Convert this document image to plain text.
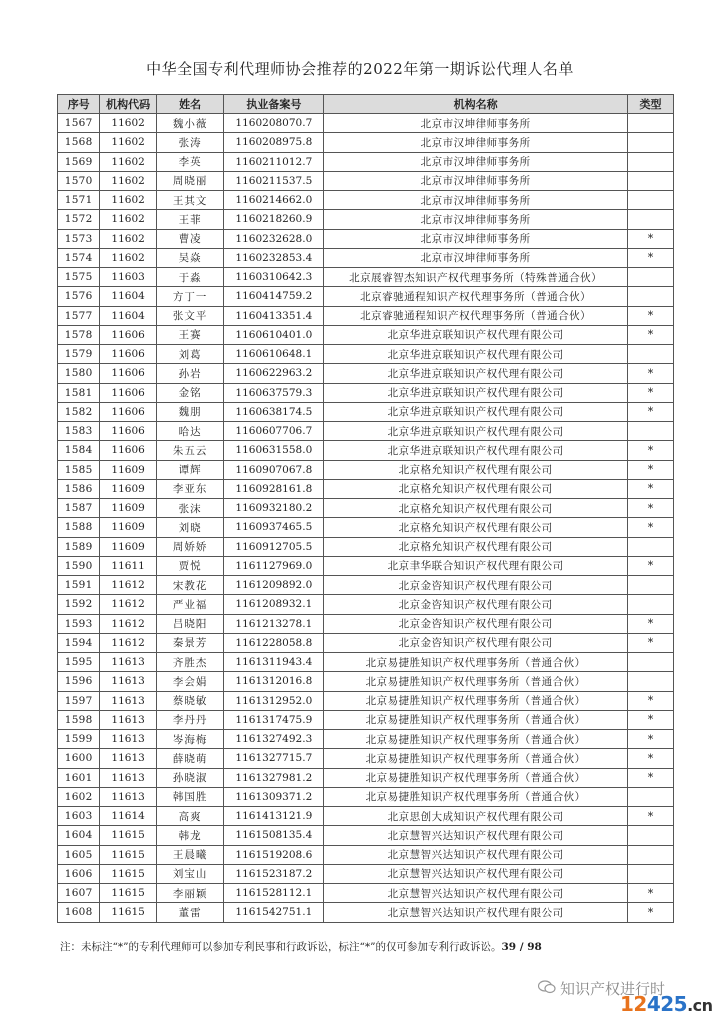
中华全国专利代理师协会推荐的2022年第一期诉讼代理人名单
序号	机构代码	姓名	执业备案号	机构名称	类型
1567	11602	魏小薇	1160208070.7	北京市汉坤律师事务所	
1568	11602	张涛	1160208975.8	北京市汉坤律师事务所	
1569	11602	李英	1160211012.7	北京市汉坤律师事务所	
1570	11602	周晓丽	1160211537.5	北京市汉坤律师事务所	
1571	11602	王其文	1160214662.0	北京市汉坤律师事务所	
1572	11602	王菲	1160218260.9	北京市汉坤律师事务所	
1573	11602	曹凌	1160232628.0	北京市汉坤律师事务所	*
1574	11602	吴焱	1160232853.4	北京市汉坤律师事务所	*
1575	11603	于淼	1160310642.3	北京展睿智杰知识产权代理事务所（特殊普通合伙）	
1576	11604	方丁一	1160414759.2	北京睿驰通程知识产权代理事务所（普通合伙）	
1577	11604	张文平	1160413351.4	北京睿驰通程知识产权代理事务所（普通合伙）	*
1578	11606	王赛	1160610401.0	北京华进京联知识产权代理有限公司	*
1579	11606	刘葛	1160610648.1	北京华进京联知识产权代理有限公司	
1580	11606	孙岩	1160622963.2	北京华进京联知识产权代理有限公司	*
1581	11606	金铭	1160637579.3	北京华进京联知识产权代理有限公司	*
1582	11606	魏朋	1160638174.5	北京华进京联知识产权代理有限公司	*
1583	11606	哈达	1160607706.7	北京华进京联知识产权代理有限公司	
1584	11606	朱五云	1160631558.0	北京华进京联知识产权代理有限公司	*
1585	11609	谭辉	1160907067.8	北京格允知识产权代理有限公司	*
1586	11609	李亚东	1160928161.8	北京格允知识产权代理有限公司	*
1587	11609	张沫	1160932180.2	北京格允知识产权代理有限公司	*
1588	11609	刘晓	1160937465.5	北京格允知识产权代理有限公司	*
1589	11609	周娇娇	1160912705.5	北京格允知识产权代理有限公司	
1590	11611	贾悦	1161127969.0	北京聿华联合知识产权代理有限公司	*
1591	11612	宋教花	1161209892.0	北京金咨知识产权代理有限公司	
1592	11612	严业福	1161208932.1	北京金咨知识产权代理有限公司	
1593	11612	吕晓阳	1161213278.1	北京金咨知识产权代理有限公司	*
1594	11612	秦景芳	1161228058.8	北京金咨知识产权代理有限公司	*
1595	11613	齐胜杰	1161311943.4	北京易捷胜知识产权代理事务所（普通合伙）	
1596	11613	李会娟	1161312016.8	北京易捷胜知识产权代理事务所（普通合伙）	
1597	11613	蔡晓敏	1161312952.0	北京易捷胜知识产权代理事务所（普通合伙）	*
1598	11613	李丹丹	1161317475.9	北京易捷胜知识产权代理事务所（普通合伙）	*
1599	11613	岑海梅	1161327492.3	北京易捷胜知识产权代理事务所（普通合伙）	*
1600	11613	薛晓萌	1161327715.7	北京易捷胜知识产权代理事务所（普通合伙）	*
1601	11613	孙晓淑	1161327981.2	北京易捷胜知识产权代理事务所（普通合伙）	*
1602	11613	韩国胜	1161309371.2	北京易捷胜知识产权代理事务所（普通合伙）	
1603	11614	高爽	1161413121.9	北京思创大成知识产权代理有限公司	*
1604	11615	韩龙	1161508135.4	北京慧智兴达知识产权代理有限公司	
1605	11615	王晨曦	1161519208.6	北京慧智兴达知识产权代理有限公司	
1606	11615	刘宝山	1161523187.2	北京慧智兴达知识产权代理有限公司	
1607	11615	李丽颖	1161528112.1	北京慧智兴达知识产权代理有限公司	*
1608	11615	董雷	1161542751.1	北京慧智兴达知识产权代理有限公司	*
注：未标注“*”的专利代理师可以参加专利民事和行政诉讼，标注“*”的仅可参加专利行政诉讼。39 / 98
知识产权进行时
12425.cn
